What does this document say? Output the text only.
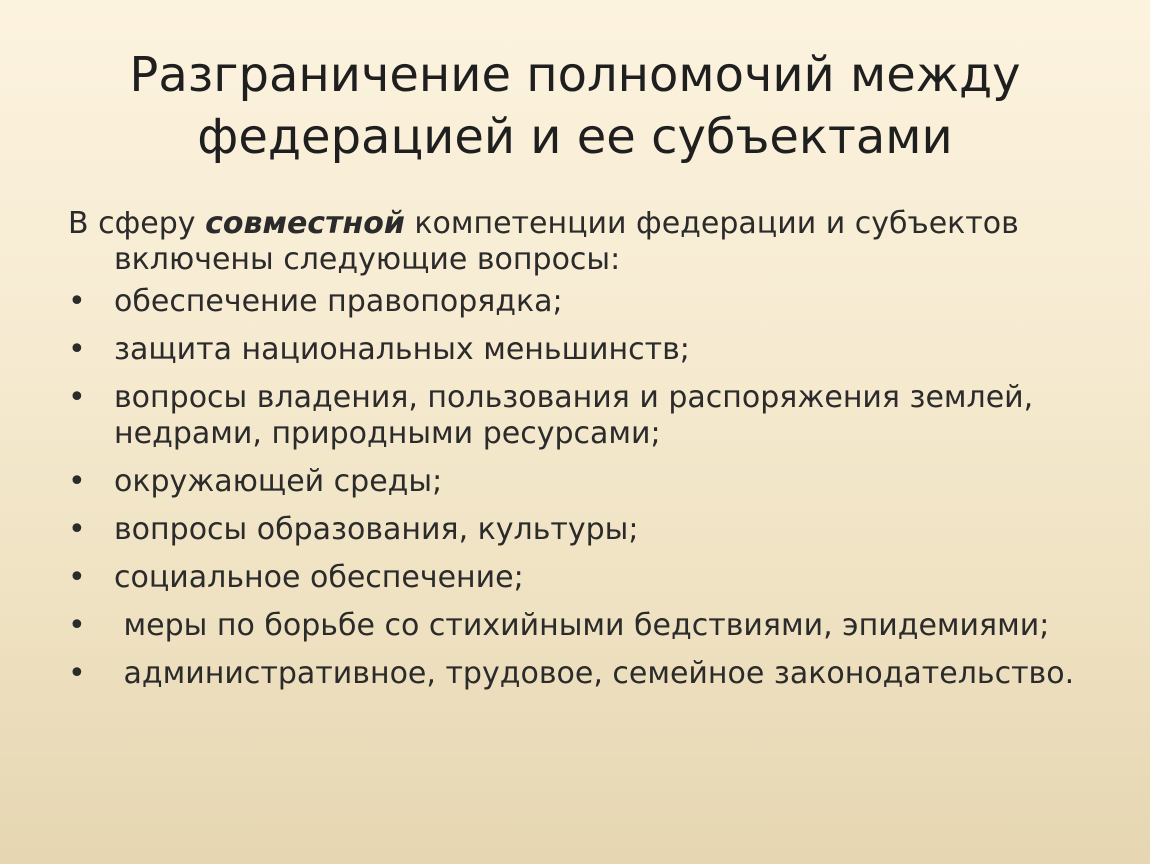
Разграничение полномочий между
федерацией и ее субъектами

В сферу совместной компетенции федерации и субъектов включены следующие вопросы:

• обеспечение правопорядка;
• защита национальных меньшинств;
• вопросы владения, пользования и распоряжения землей, недрами, природными ресурсами;
• окружающей среды;
• вопросы образования, культуры;
• социальное обеспечение;
• меры по борьбе со стихийными бедствиями, эпидемиями;
• административное, трудовое, семейное законодательство.
